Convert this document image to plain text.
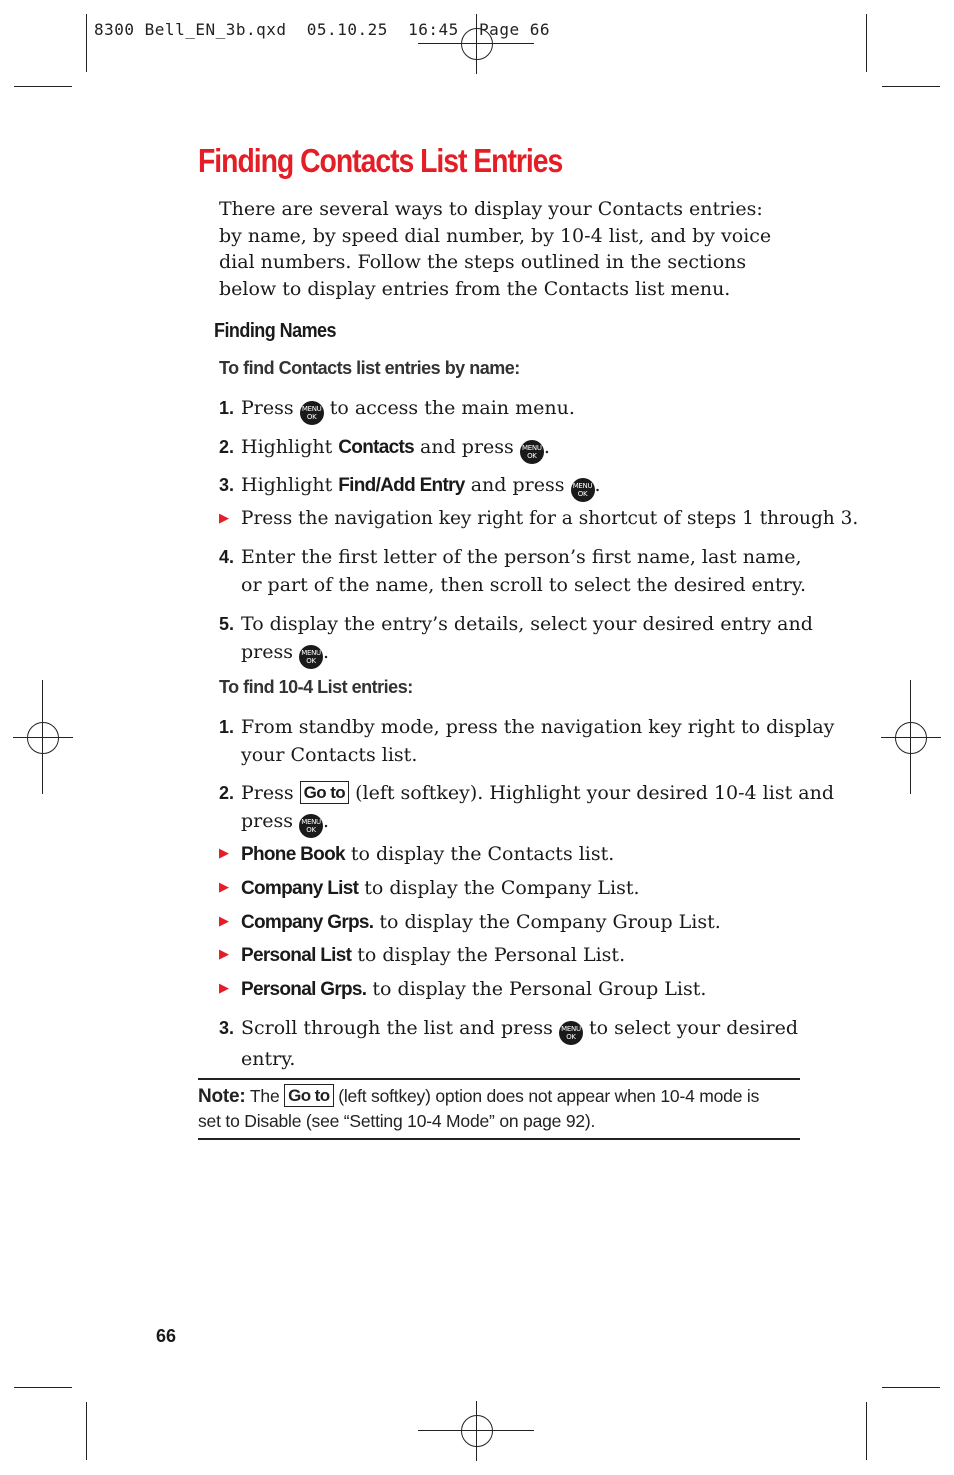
8300 Bell_EN_3b.qxd  05.10.25  16:45  Page 66
Finding Contacts List Entries

There are several ways to display your Contacts entries: by name, by speed dial number, by 10-4 list, and by voice dial numbers. Follow the steps outlined in the sections below to display entries from the Contacts list menu.

Finding Names
To find Contacts list entries by name:
1. Press MENU
OK to access the main menu.
2. Highlight Contacts and press MENU
OK .
3. Highlight Find/Add Entry and press MENU
OK .
▶ Press the navigation key right for a shortcut of steps 1 through 3.
4. Enter the first letter of the person’s first name, last name,
or part of the name, then scroll to select the desired entry.
5. To display the entry’s details, select your desired entry and
press MENU
OK .
To find 10-4 List entries:
1. From standby mode, press the navigation key right to display
your Contacts list.
2. Press Go to (left softkey). Highlight your desired 10-4 list and
press MENU
OK .
▶ Phone Book to display the Contacts list.
▶ Company List to display the Company List.
▶ Company Grps. to display the Company Group List.
▶ Personal List to display the Personal List.
▶ Personal Grps. to display the Personal Group List.
3. Scroll through the list and press MENU
OK to select your desired
entry.
Note: The Go to (left softkey) option does not appear when 10-4 mode is
set to Disable (see “Setting 10-4 Mode” on page 92).
66
